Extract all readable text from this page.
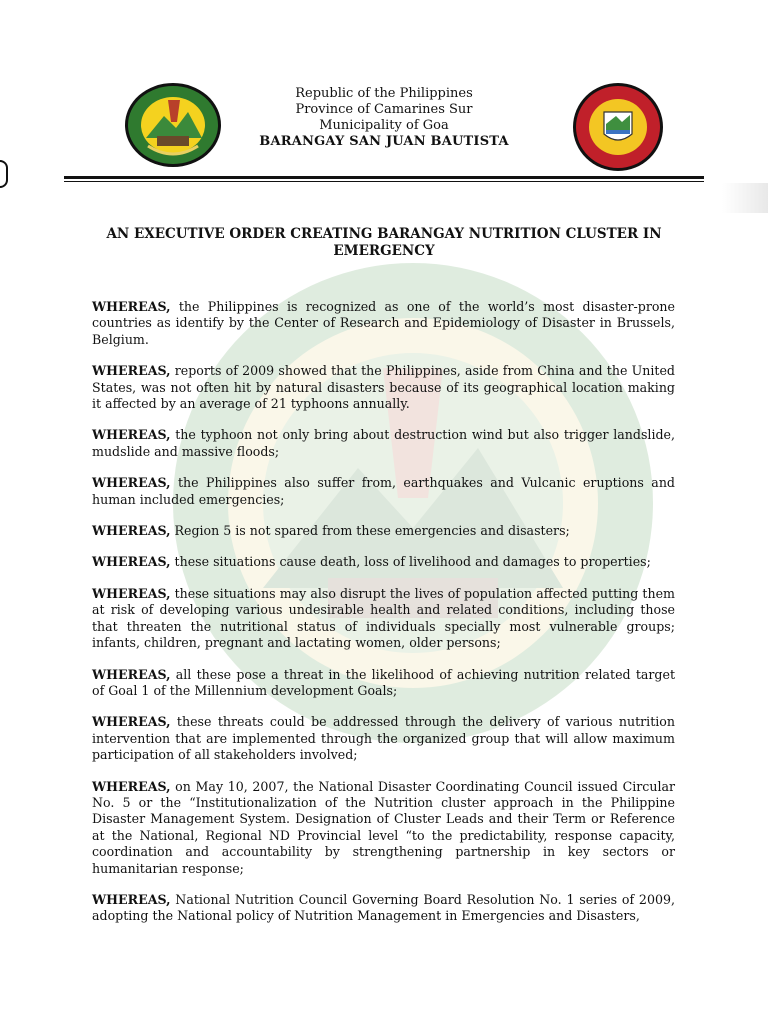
Republic of the Philippines
Province of Camarines Sur
Municipality of Goa
BARANGAY SAN JUAN BAUTISTA
AN EXECUTIVE ORDER CREATING BARANGAY NUTRITION CLUSTER IN EMERGENCY
WHEREAS, the Philippines is recognized as one of the world’s most disaster-prone countries as identify by the Center of Research and Epidemiology of Disaster in Brussels, Belgium.
WHEREAS, reports of 2009 showed that the Philippines, aside from China and the United States, was not often hit by natural disasters because of its geographical location making it affected by an average of 21 typhoons annually.
WHEREAS, the typhoon not only bring about destruction wind but also trigger landslide, mudslide and massive floods;
WHEREAS, the Philippines also suffer from, earthquakes and Vulcanic eruptions and human included emergencies;
WHEREAS, Region 5 is not spared from these emergencies and disasters;
WHEREAS, these situations cause death, loss of livelihood and damages to properties;
WHEREAS, these situations may also disrupt the lives of population affected putting them at risk of developing various undesirable health and related conditions, including those that threaten the nutritional status of individuals specially most vulnerable groups; infants, children, pregnant and lactating women, older persons;
WHEREAS, all these pose a threat in the likelihood of achieving nutrition related target of Goal 1 of the Millennium development Goals;
WHEREAS, these threats could be addressed through the delivery of various nutrition intervention that are implemented through the organized group that will allow maximum participation of all stakeholders involved;
WHEREAS, on May 10, 2007, the National Disaster Coordinating Council issued Circular No. 5 or the “Institutionalization of the Nutrition cluster approach in the Philippine Disaster Management System. Designation of Cluster Leads and their Term or Reference at the National, Regional ND Provincial level “to the predictability, response capacity, coordination and accountability by strengthening partnership in key sectors or humanitarian response;
WHEREAS, National Nutrition Council Governing Board Resolution No. 1 series of 2009, adopting the National policy of Nutrition Management in Emergencies and Disasters,
